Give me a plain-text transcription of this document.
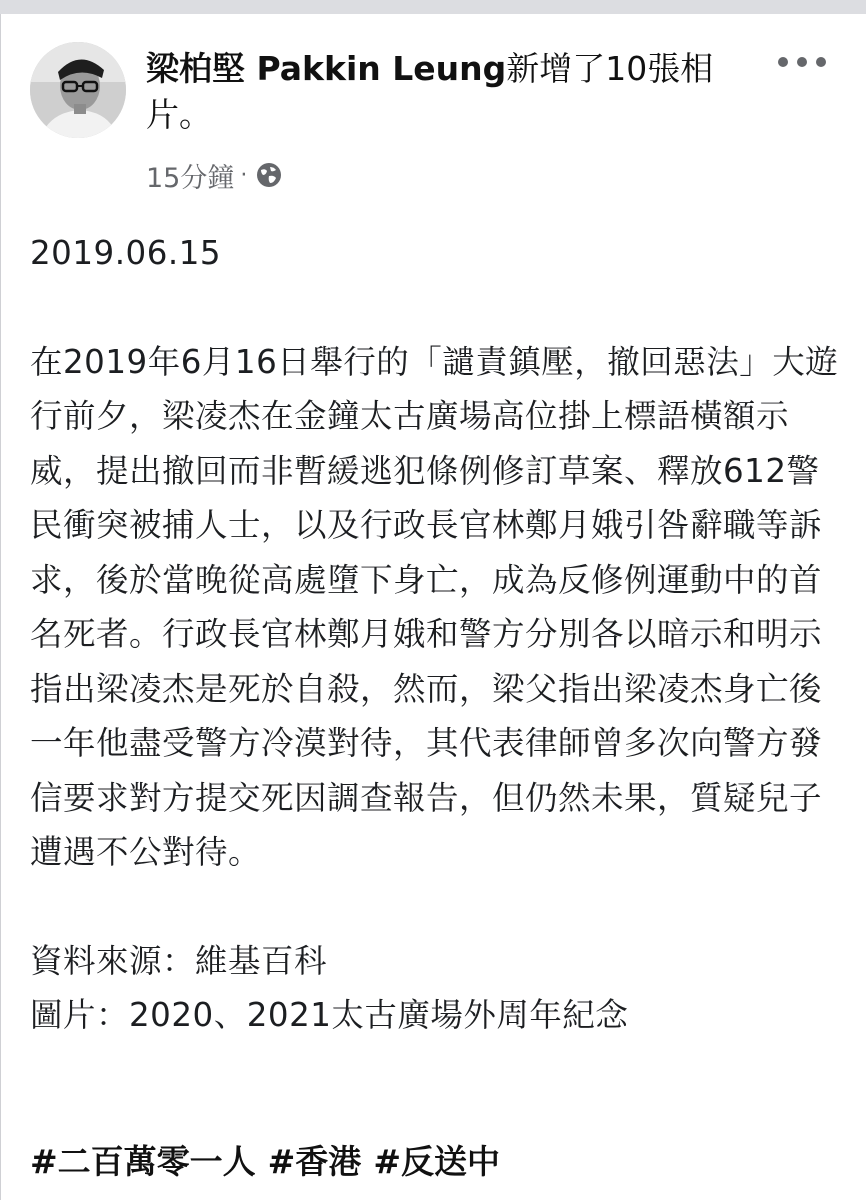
梁柏堅 Pakkin Leung新增了10張相片。
15分鐘 ·

2019.06.15

在2019年6月16日舉行的「譴責鎮壓，撤回惡法」大遊行前夕，梁凌杰在金鐘太古廣場高位掛上標語橫額示威，提出撤回而非暫緩逃犯條例修訂草案、釋放612警民衝突被捕人士，以及行政長官林鄭月娥引咎辭職等訴求，後於當晚從高處墮下身亡，成為反修例運動中的首名死者。行政長官林鄭月娥和警方分別各以暗示和明示指出梁凌杰是死於自殺，然而，梁父指出梁凌杰身亡後一年他盡受警方冷漠對待，其代表律師曾多次向警方發信要求對方提交死因調查報告，但仍然未果，質疑兒子遭遇不公對待。

資料來源：維基百科

圖片：2020、2021太古廣場外周年紀念

#二百萬零一人 #香港 #反送中
